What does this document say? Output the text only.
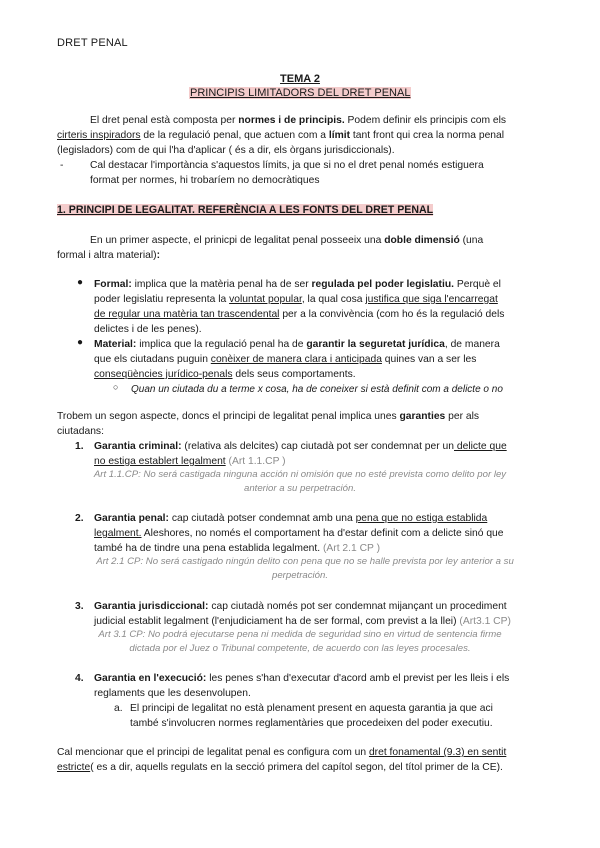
DRET PENAL
TEMA 2
PRINCIPIS LIMITADORS DEL DRET PENAL

El dret penal està composta per normes i de principis. Podem definir els principis com els

cirteris inspiradors de la regulació penal, que actuen com a límit tant front qui crea la norma penal

(legisladors) com de qui l'ha d'aplicar ( és a dir, els òrgans jurisdiccionals).

-	Cal destacar l'importància s'aquestos límits, ja que si no el dret penal només estiguera

format per normes, hi trobaríem no democràtiques

1. PRINCIPI DE LEGALITAT. REFERÈNCIA A LES FONTS DEL DRET PENAL

En un primer aspecte, el prinicpi de legalitat penal posseeix una doble dimensió (una

formal i altra material):

● Formal: implica que la matèria penal ha de ser regulada pel poder legislatiu. Perquè el

poder legislatiu representa la voluntat popular, la qual cosa justifica que siga l'encarregat

de regular una matèria tan trascendental per a la convivència (com ho és la regulació dels

delictes i de les penes).

● Material: implica que la regulació penal ha de garantir la seguretat jurídica, de manera

que els ciutadans puguin conèixer de manera clara i anticipada quines van a ser les

conseqüències jurídico-penals dels seus comportaments.

○ Quan un ciutada du a terme x cosa, ha de coneixer si està definit com a delicte o no

Trobem un segon aspecte, doncs el principi de legalitat penal implica unes garanties per als

ciutadans:

1. Garantia criminal: (relativa als delcites) cap ciutadà pot ser condemnat per un delicte que

no estiga establert legalment (Art 1.1.CP )

Art 1.1.CP: No será castigada ninguna acción ni omisión que no esté prevista como delito por ley

anterior a su perpetración.

2. Garantia penal: cap ciutadà potser condemnat amb una pena que no estiga establida

legalment. Aleshores, no només el comportament ha d'estar definit com a delicte sinó que

també ha de tindre una pena establida legalment. (Art 2.1 CP )

Art 2.1 CP: No será castigado ningún delito con pena que no se halle prevista por ley anterior a su

perpetración.

3. Garantia jurisdiccional: cap ciutadà només pot ser condemnat mijançant un procediment

judicial establit legalment (l'enjudiciament ha de ser formal, com previst a la llei) (Art3.1 CP)

Art 3.1 CP: No podrá ejecutarse pena ni medida de seguridad sino en virtud de sentencia firme

dictada por el Juez o Tribunal competente, de acuerdo con las leyes procesales.

4. Garantia en l'execució: les penes s'han d'executar d'acord amb el previst per les lleis i els

reglaments que les desenvolupen.

a. El principi de legalitat no està plenament present en aquesta garantia ja que aci

també s'involucren normes reglamentàries que procedeixen del poder executiu.

Cal mencionar que el principi de legalitat penal es configura com un dret fonamental (9.3) en sentit

estricte( es a dir, aquells regulats en la secció primera del capítol segon, del títol primer de la CE).
